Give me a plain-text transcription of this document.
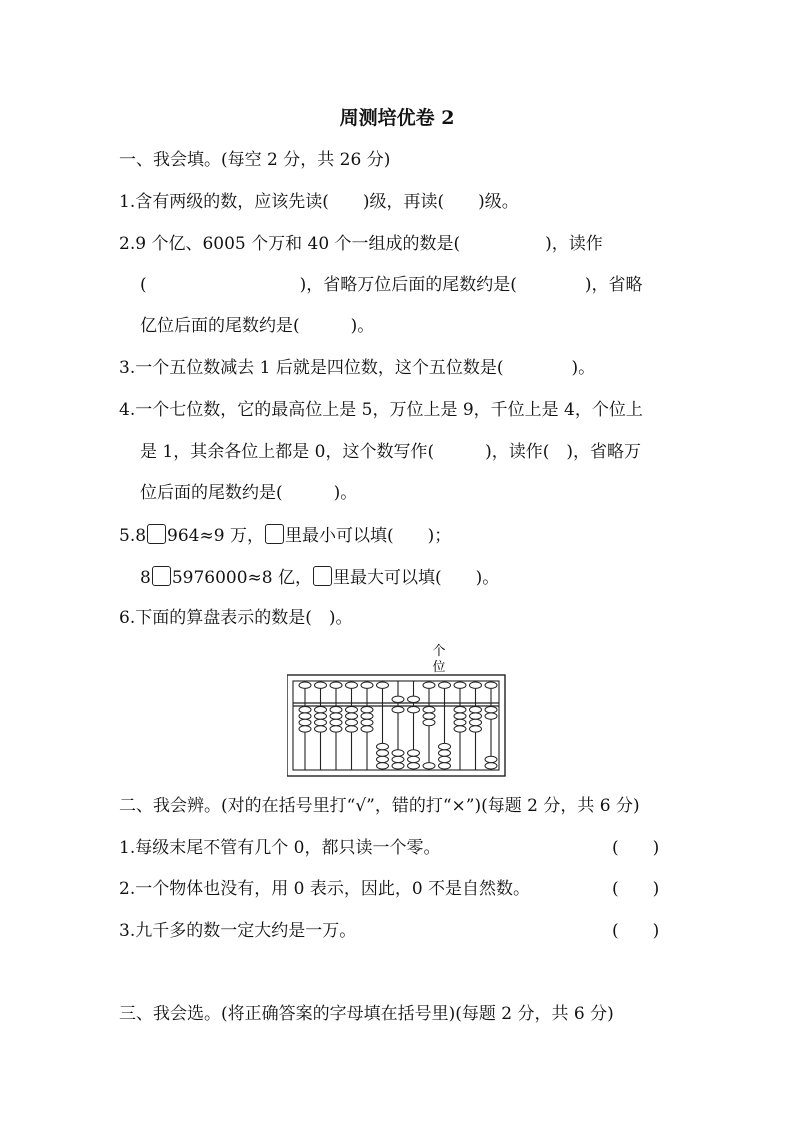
周测培优卷 2
一、我会填。(每空 2 分，共 26 分)
1.含有两级的数，应该先读(　　)级，再读(　　)级。
2.9 个亿、6005 个万和 40 个一组成的数是(　　　　　)，读作
(　　　　　　　　　)，省略万位后面的尾数约是(　　　　)，省略
亿位后面的尾数约是(　　　)。
3.一个五位数减去 1 后就是四位数，这个五位数是(　　　　)。
4.一个七位数，它的最高位上是 5，万位上是 9，千位上是 4，个位上
是 1，其余各位上都是 0，这个数写作(　　　)，读作(　)，省略万
位后面的尾数约是(　　　)。
5.8 964≈9 万， 里最小可以填(　　)；
8 5976000≈8 亿， 里最大可以填(　　)。
6.下面的算盘表示的数是(　)。
个
位
二、我会辨。(对的在括号里打“√”，错的打“×”)(每题 2 分，共 6 分)
1.每级末尾不管有几个 0，都只读一个零。	(　　)
2.一个物体也没有，用 0 表示，因此，0 不是自然数。	(　　)
3.九千多的数一定大约是一万。	(　　)
三、我会选。(将正确答案的字母填在括号里)(每题 2 分，共 6 分)
